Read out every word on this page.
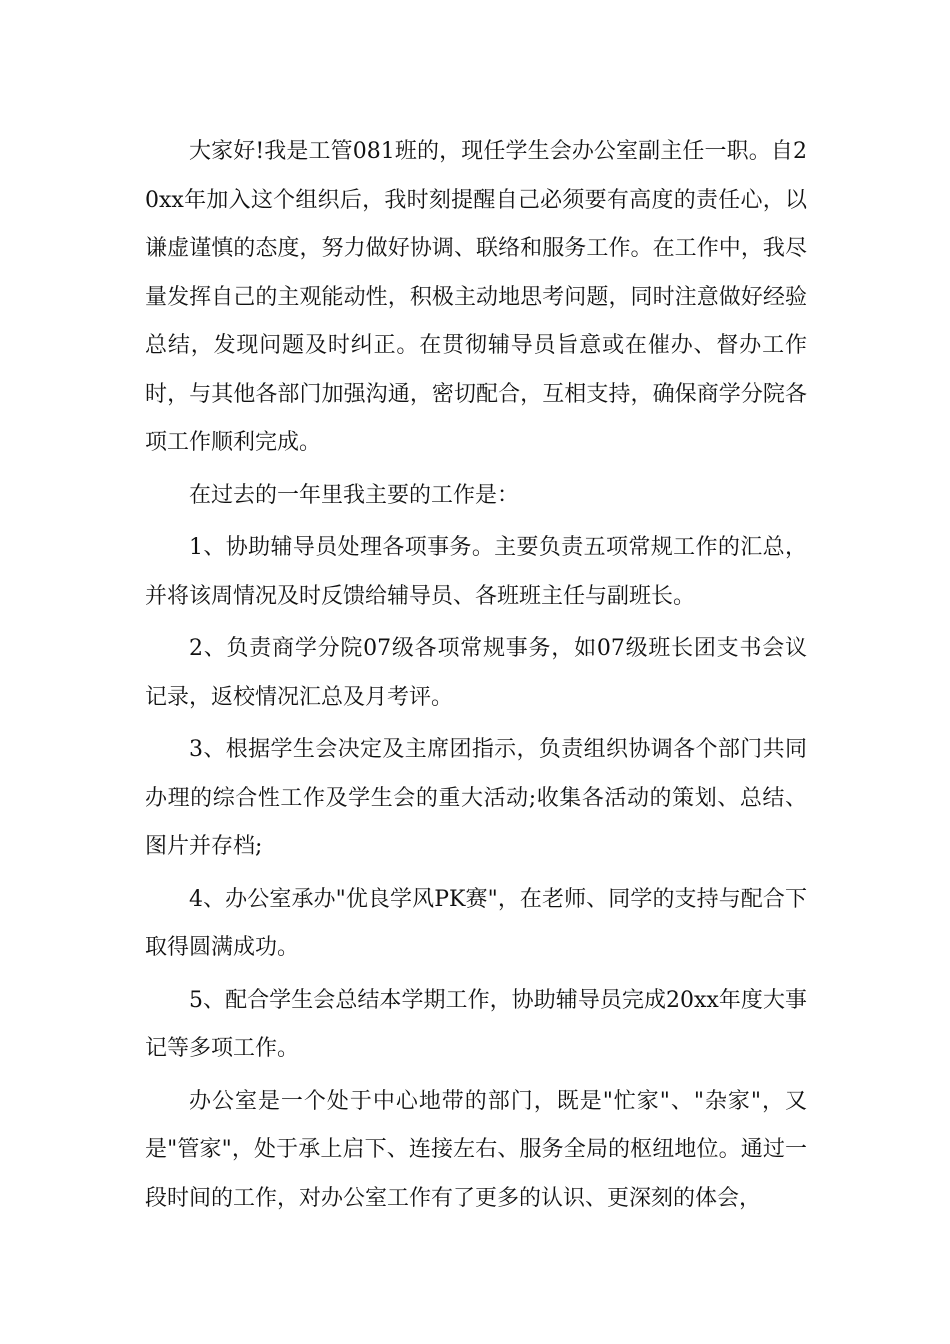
大家好!我是工管081班的，现任学生会办公室副主任一职。自20xx年加入这个组织后，我时刻提醒自己必须要有高度的责任心，以谦虚谨慎的态度，努力做好协调、联络和服务工作。在工作中，我尽量发挥自己的主观能动性，积极主动地思考问题，同时注意做好经验总结，发现问题及时纠正。在贯彻辅导员旨意或在催办、督办工作时，与其他各部门加强沟通，密切配合，互相支持，确保商学分院各项工作顺利完成。

在过去的一年里我主要的工作是：

1、协助辅导员处理各项事务。主要负责五项常规工作的汇总，并将该周情况及时反馈给辅导员、各班班主任与副班长。

2、负责商学分院07级各项常规事务，如07级班长团支书会议记录，返校情况汇总及月考评。

3、根据学生会决定及主席团指示，负责组织协调各个部门共同办理的综合性工作及学生会的重大活动;收集各活动的策划、总结、图片并存档;

4、办公室承办"优良学风PK赛"，在老师、同学的支持与配合下取得圆满成功。

5、配合学生会总结本学期工作，协助辅导员完成20xx年度大事记等多项工作。

办公室是一个处于中心地带的部门，既是"忙家"、"杂家"，又是"管家"，处于承上启下、连接左右、服务全局的枢纽地位。通过一段时间的工作，对办公室工作有了更多的认识、更深刻的体会，
